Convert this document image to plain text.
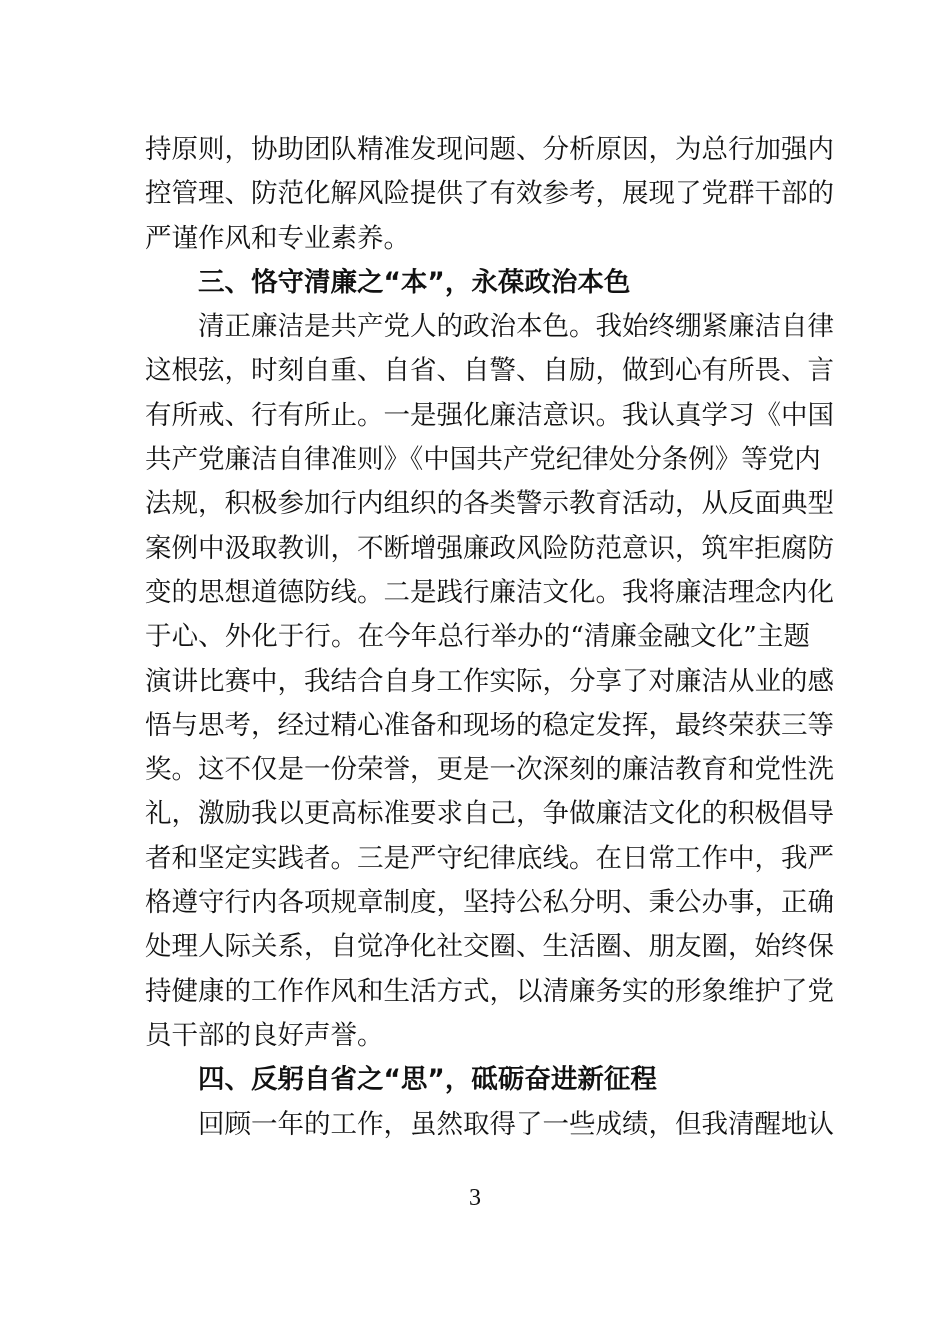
持原则，协助团队精准发现问题、分析原因，为总行加强内
控管理、防范化解风险提供了有效参考，展现了党群干部的
严谨作风和专业素养。
三、恪守清廉之“本”，永葆政治本色
清正廉洁是共产党人的政治本色。我始终绷紧廉洁自律
这根弦，时刻自重、自省、自警、自励，做到心有所畏、言
有所戒、行有所止。一是强化廉洁意识。我认真学习《中国
共产党廉洁自律准则》《中国共产党纪律处分条例》等党内
法规，积极参加行内组织的各类警示教育活动，从反面典型
案例中汲取教训，不断增强廉政风险防范意识，筑牢拒腐防
变的思想道德防线。二是践行廉洁文化。我将廉洁理念内化
于心、外化于行。在今年总行举办的“清廉金融文化”主题
演讲比赛中，我结合自身工作实际，分享了对廉洁从业的感
悟与思考，经过精心准备和现场的稳定发挥，最终荣获三等
奖。这不仅是一份荣誉，更是一次深刻的廉洁教育和党性洗
礼，激励我以更高标准要求自己，争做廉洁文化的积极倡导
者和坚定实践者。三是严守纪律底线。在日常工作中，我严
格遵守行内各项规章制度，坚持公私分明、秉公办事，正确
处理人际关系，自觉净化社交圈、生活圈、朋友圈，始终保
持健康的工作作风和生活方式，以清廉务实的形象维护了党
员干部的良好声誉。
四、反躬自省之“思”，砥砺奋进新征程
回顾一年的工作，虽然取得了一些成绩，但我清醒地认
3
